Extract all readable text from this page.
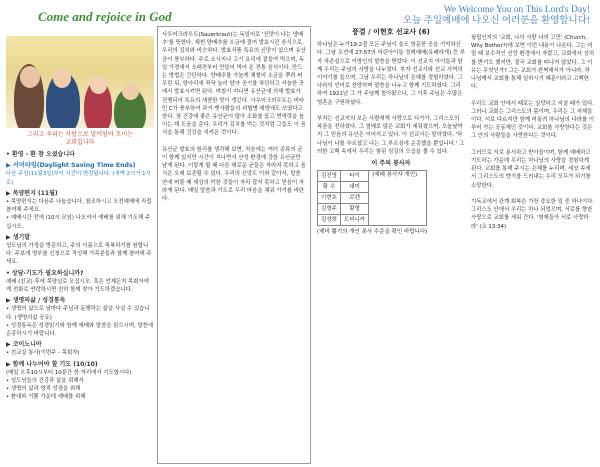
Come and rejoice in God	We Welcome You on This Lord's Day!
오늘 주일예배에 나오신 여러분을 환영합니다!
그리고 우리는 사랑으로 말미암아 모이는
교회입니다
• 환영 - 환 참 오셨습니다
▶ 서머타임(Daylight Saving Time Ends)

다음 주일(11월3일)부터 시간이 변경됩니다. (새벽 2시가 1시로)

▶ 목양편지 (11월)

• 목양편지는 다음주 나눕습니다. 참조하시고 오전예배에 직접 참여해 주세요.
• 예배시간 전에 (10시 모임) 나오셔서 예배를 위해 기도해 주십시오.

▶ 생기발

성도님의 가정을 방문하고, 주의 이름으로 축복하기를 원합니다. 주보에 명부를 신청으로 작성해 가족분들과 함께 참여해 주세요.

• 상담·기도가 필요하십니까?

예배 (친교) 후에 목양실로 오십시오. 혹은 언제든지 목회자에게 전화로 연락하시면 친히 함께 찾아 기도하겠습니다.

▶ 생명의삶 / 성경통독

• 생명의 삶으로 날마다 주님과 동행하는 삶을 사실 수 있습니다. (생명의삶 공유)
• 성경통독은 성경읽기와 함께 예배와 말씀을 읽으시며, 말씀에 순종하시기 바랍니다.

▶ 코이노니아

• 친교실 봉사(이번주 - 목회자)

▶ 함께 나누어야 할 기도 (10/10)

(매일 오후10시부터 10분간 한 자리에서 기도합시다)
• 성도님들의 건강과 삶을 위해서
• 생명의 삶과 영적 성장을 위해
• 환대와 기쁨 가운데 예배를 위해

사우어크라우트(Sauerkraut)는 독일어로 '신맛이 나는 양배추'를 뜻한다. 채썬 양배추를 소금에 절여 발효시킨 음식으로, 우리의 김치와 비슷하다. 발효식품 특유의 신맛이 있으며 유산균이 풍부하다. 주로 소시지나 고기 요리에 곁들여 먹으며, 독일 가정에서 오래전부터 만들어 먹어 온 전통 음식이다. 만드는 방법은 간단하다. 양배추를 가늘게 채썰어 소금을 뿌려 버무린 뒤, 항아리에 꾹꾹 눌러 담아 공기를 차단하고 서늘한 곳에서 발효시키면 된다. 며칠이 지나면 유산균에 의해 발효가 진행되어 특유의 새콤한 맛이 생긴다. 사우어크라우트는 비타민 C가 풍부하여 과거 뱃사람들의 괴혈병 예방에도 쓰였다고 한다. 장 건강에 좋은 유산균이 많아 소화를 돕고 면역력을 높이는 데 도움을 준다. 우리가 김치를 먹는 것처럼 그들도 이 음식을 통해 건강을 지켜온 것이다.

유산균 발효의 원리를 생각해 보면, 처음에는 여러 종류의 균이 함께 있지만 시간이 지나면서 산성 환경에 강한 유산균만 남게 된다. 이렇게 될 때 다른 해로운 균들은 자라지 못하고 음식은 오래 보존될 수 있다. 우리의 신앙도 이와 같아서, 말씀 안에 머물 때 세상의 악한 것들이 자리 잡지 못하고 믿음이 자라게 된다. 매일 말씀과 기도로 우리 마음을 채워 가기를 바란다.

풍결 / 이현호 선교사 (6)

하나님은 누가19:2절 모든 주님이 울도 방문한 곳을 기억하신다. 그날 오전에 27:57의 어린아이들 정례예배(유쾌하게) 등 부자 자존심으로 이방인의 말씀을 받았다. 이 선교지 아이들과 함께 우리는 주님의 사랑을 나누었다. 부자 선교사와 선교 사역의 이야기를 들으며, 그날 우리는 하나님의 은혜를 경험하였다. 그 나라의 언어로 찬양하며 말씀을 나누고 함께 기도하였다. 그리하여 1921년 그 가 주님께 돌아왔으니, 그 이후 주님은 수많은 영혼을 구원하셨다.

부자는 선교지의 모든 사람에게 사랑으로 다가가, 그리스도의 복음을 전하였다. 그 열매로 많은 교회가 세워졌으며, 오늘날까지 그 믿음의 유산은 이어지고 있다. 이 선교사는 말하였다. '하나님이 나를 부르셨고 나는 그 부르심에 순종했을 뿐입니다.' 그러한 고백 속에서 우리는 참된 섬김의 모습을 볼 수 있다.

이 주의 봉사자
김진영	타이	(예배 봉사자 개인)
황 수	대미	
이현호	로렌	
김형주	황형	
김성희	도미니카	

(제비 뽑기의 개인 봉사 수준을 확인 바랍니다)

필립인지의 '교회, 나의 사랑 나의 고민' (Church, Why Bother?)에 보면 이런 내용이 나온다. 그는 어릴 때 보수적인 신앙 환경에서 자랐고, 교회에서 상처를 받기도 했지만, 결국 교회를 떠나지 않았다. 그 이유는 무엇인가? 그는 교회가 완벽해서가 아니라, 하나님께서 교회를 통해 일하시기 때문이라고 고백한다.

우리도 교회 안에서 때로는 실망하고 지칠 때가 있다. 그러나 교회는 그리스도의 몸이며, 우리는 그 지체들이다. 서로 다르지만 함께 어울려 하나님의 나라를 이루어 가는 공동체인 것이다. 교회를 사랑한다는 것은 그 안의 사람들을 사랑한다는 것이다.

그러므로 서로 용서하고 받아들이며, 함께 예배하고 기도하는 가운데 우리는 하나님의 사랑을 경험하게 된다. 교회를 통해 주시는 은혜를 누리며, 세상 속에서 그리스도의 향기를 드러내는 우리 모두가 되기를 소망한다.

기독교에서 관계 회복은 가장 중요한 일 중 하나이다. 그리스도 안에서 우리는 하나 되었으며, 서로를 향한 사랑으로 교회를 세워 간다. '형제들아 서로 사랑하라' (요 13:34)
